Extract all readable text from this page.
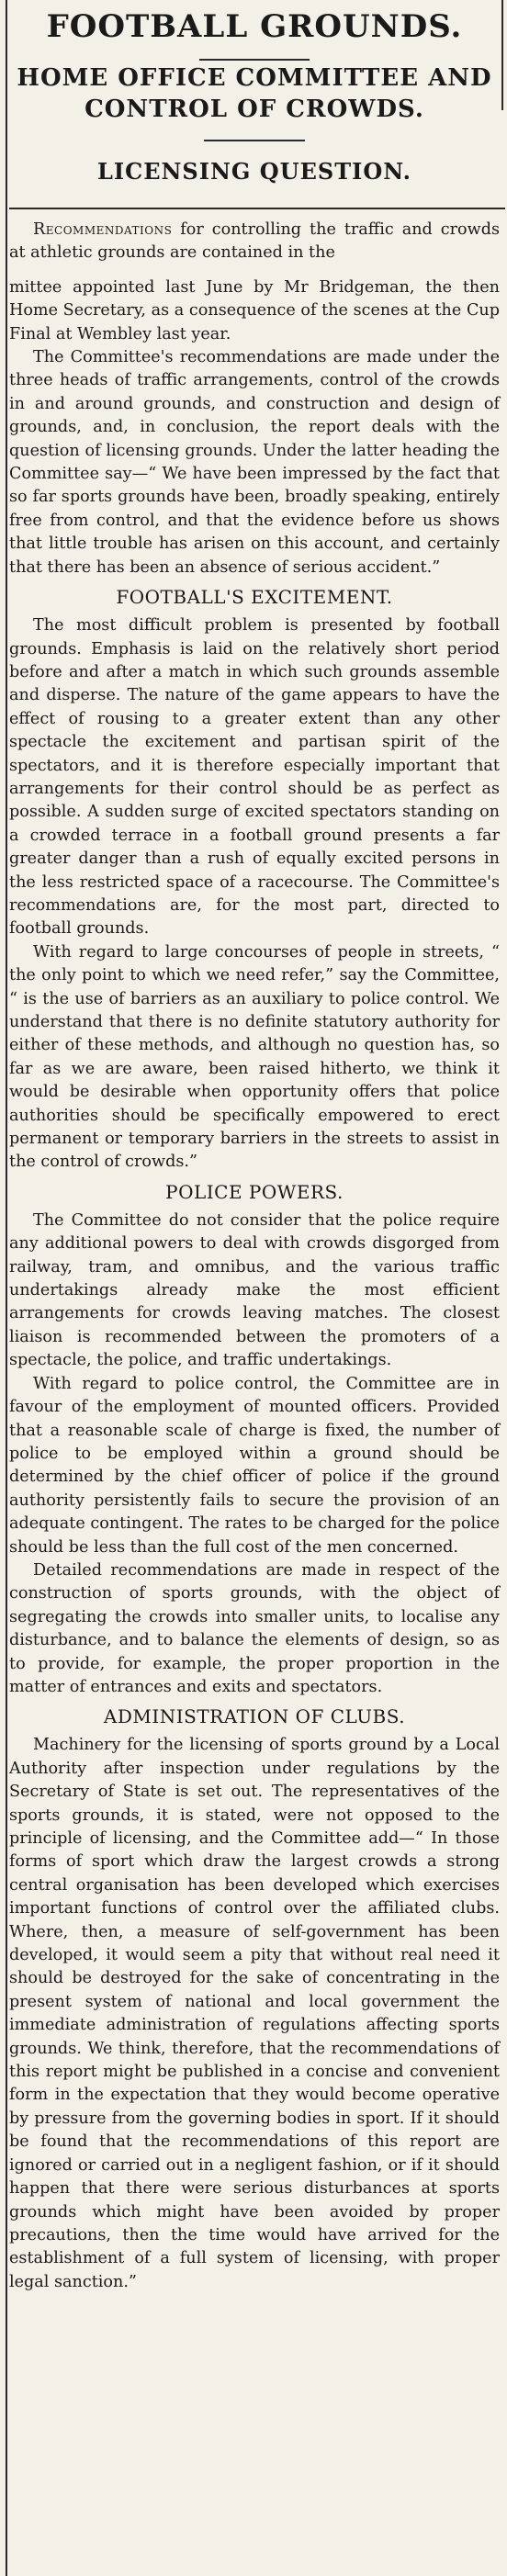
FOOTBALL GROUNDS.
HOME OFFICE COMMITTEE AND
CONTROL OF CROWDS.
LICENSING QUESTION.

Recommendations for controlling the traffic and crowds at athletic grounds are contained in the

mittee appointed last June by Mr Bridgeman, the then Home Secretary, as a consequence of the scenes at the Cup Final at Wembley last year.

The Committee's recommendations are made under the three heads of traffic arrangements, control of the crowds in and around grounds, and construction and design of grounds, and, in conclusion, the report deals with the question of licensing grounds. Under the latter heading the Committee say—“ We have been impressed by the fact that so far sports grounds have been, broadly speaking, entirely free from control, and that the evidence before us shows that little trouble has arisen on this account, and certainly that there has been an absence of serious accident.”

FOOTBALL'S EXCITEMENT.

The most difficult problem is presented by football grounds. Emphasis is laid on the relatively short period before and after a match in which such grounds assemble and disperse. The nature of the game appears to have the effect of rousing to a greater extent than any other spectacle the excitement and partisan spirit of the spectators, and it is therefore especially important that arrangements for their control should be as perfect as possible. A sudden surge of excited spectators standing on a crowded terrace in a football ground presents a far greater danger than a rush of equally excited persons in the less restricted space of a racecourse. The Committee's recommendations are, for the most part, directed to football grounds.

With regard to large concourses of people in streets, “ the only point to which we need refer,” say the Committee, “ is the use of barriers as an auxiliary to police control. We understand that there is no definite statutory authority for either of these methods, and although no question has, so far as we are aware, been raised hitherto, we think it would be desirable when opportunity offers that police authorities should be specifically empowered to erect permanent or temporary barriers in the streets to assist in the control of crowds.”

POLICE POWERS.

The Committee do not consider that the police require any additional powers to deal with crowds disgorged from railway, tram, and omnibus, and the various traffic undertakings already make the most efficient arrangements for crowds leaving matches. The closest liaison is recommended between the promoters of a spectacle, the police, and traffic undertakings.

With regard to police control, the Committee are in favour of the employment of mounted officers. Provided that a reasonable scale of charge is fixed, the number of police to be employed within a ground should be determined by the chief officer of police if the ground authority persistently fails to secure the provision of an adequate contingent. The rates to be charged for the police should be less than the full cost of the men concerned.

Detailed recommendations are made in respect of the construction of sports grounds, with the object of segregating the crowds into smaller units, to localise any disturbance, and to balance the elements of design, so as to provide, for example, the proper proportion in the matter of entrances and exits and spectators.

ADMINISTRATION OF CLUBS.

Machinery for the licensing of sports ground by a Local Authority after inspection under regulations by the Secretary of State is set out. The representatives of the sports grounds, it is stated, were not opposed to the principle of licensing, and the Committee add—“ In those forms of sport which draw the largest crowds a strong central organisation has been developed which exercises important functions of control over the affiliated clubs. Where, then, a measure of self-government has been developed, it would seem a pity that without real need it should be destroyed for the sake of concentrating in the present system of national and local government the immediate administration of regulations affecting sports grounds. We think, therefore, that the recommendations of this report might be published in a concise and convenient form in the expectation that they would become operative by pressure from the governing bodies in sport. If it should be found that the recommendations of this report are ignored or carried out in a negligent fashion, or if it should happen that there were serious disturbances at sports grounds which might have been avoided by proper precautions, then the time would have arrived for the establishment of a full system of licensing, with proper legal sanction.”
